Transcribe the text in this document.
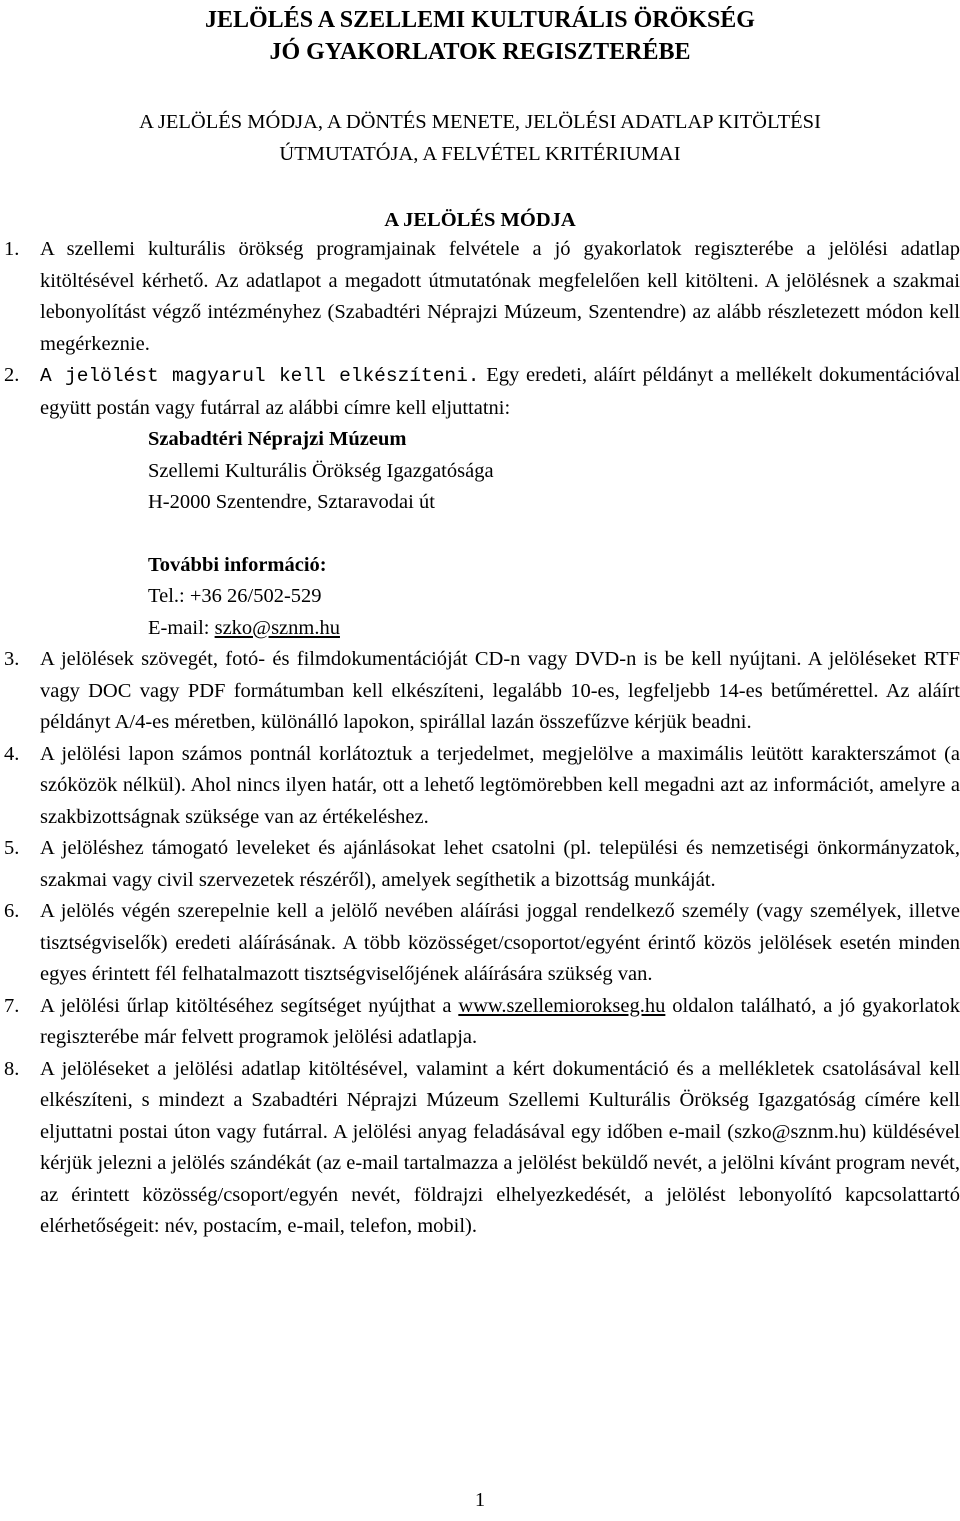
JELÖLÉS A SZELLEMI KULTURÁLIS ÖRÖKSÉG
JÓ GYAKORLATOK REGISZTERÉBE
A JELÖLÉS MÓDJA, A DÖNTÉS MENETE, JELÖLÉSI ADATLAP KITÖLTÉSI
ÚTMUTATÓJA, A FELVÉTEL KRITÉRIUMAI
A JELÖLÉS MÓDJA
1. A szellemi kulturális örökség programjainak felvétele a jó gyakorlatok regiszterébe a jelölési adatlap kitöltésével kérhető. Az adatlapot a megadott útmutatónak megfelelően kell kitölteni. A jelölésnek a szakmai lebonyolítást végző intézményhez (Szabadtéri Néprajzi Múzeum, Szentendre) az alább részletezett módon kell megérkeznie.
2. A jelölést magyarul kell elkészíteni. Egy eredeti, aláírt példányt a mellékelt dokumentációval együtt postán vagy futárral az alábbi címre kell eljuttatni:
Szabadtéri Néprajzi Múzeum
Szellemi Kulturális Örökség Igazgatósága
H-2000 Szentendre, Sztaravodai út
További információ:
Tel.: +36 26/502-529
E-mail: szko@sznm.hu
3. A jelölések szövegét, fotó- és filmdokumentációját CD-n vagy DVD-n is be kell nyújtani. A jelöléseket RTF vagy DOC vagy PDF formátumban kell elkészíteni, legalább 10-es, legfeljebb 14-es betűmérettel. Az aláírt példányt A/4-es méretben, különálló lapokon, spirállal lazán összefűzve kérjük beadni.
4. A jelölési lapon számos pontnál korlátoztuk a terjedelmet, megjelölve a maximális leütött karakterszámot (a szóközök nélkül). Ahol nincs ilyen határ, ott a lehető legtömörebben kell megadni azt az információt, amelyre a szakbizottságnak szüksége van az értékeléshez.
5. A jelöléshez támogató leveleket és ajánlásokat lehet csatolni (pl. települési és nemzetiségi önkormányzatok, szakmai vagy civil szervezetek részéről), amelyek segíthetik a bizottság munkáját.
6. A jelölés végén szerepelnie kell a jelölő nevében aláírási joggal rendelkező személy (vagy személyek, illetve tisztségviselők) eredeti aláírásának. A több közösséget/csoportot/egyént érintő közös jelölések esetén minden egyes érintett fél felhatalmazott tisztségviselőjének aláírására szükség van.
7. A jelölési űrlap kitöltéséhez segítséget nyújthat a www.szellemiorokseg.hu oldalon található, a jó gyakorlatok regiszterébe már felvett programok jelölési adatlapja.
8. A jelöléseket a jelölési adatlap kitöltésével, valamint a kért dokumentáció és a mellékletek csatolásával kell elkészíteni, s mindezt a Szabadtéri Néprajzi Múzeum Szellemi Kulturális Örökség Igazgatóság címére kell eljuttatni postai úton vagy futárral. A jelölési anyag feladásával egy időben e-mail (szko@sznm.hu) küldésével kérjük jelezni a jelölés szándékát (az e-mail tartalmazza a jelölést beküldő nevét, a jelölni kívánt program nevét, az érintett közösség/csoport/egyén nevét, földrajzi elhelyezkedését, a jelölést lebonyolító kapcsolattartó elérhetőségeit: név, postacím, e-mail, telefon, mobil).
1
